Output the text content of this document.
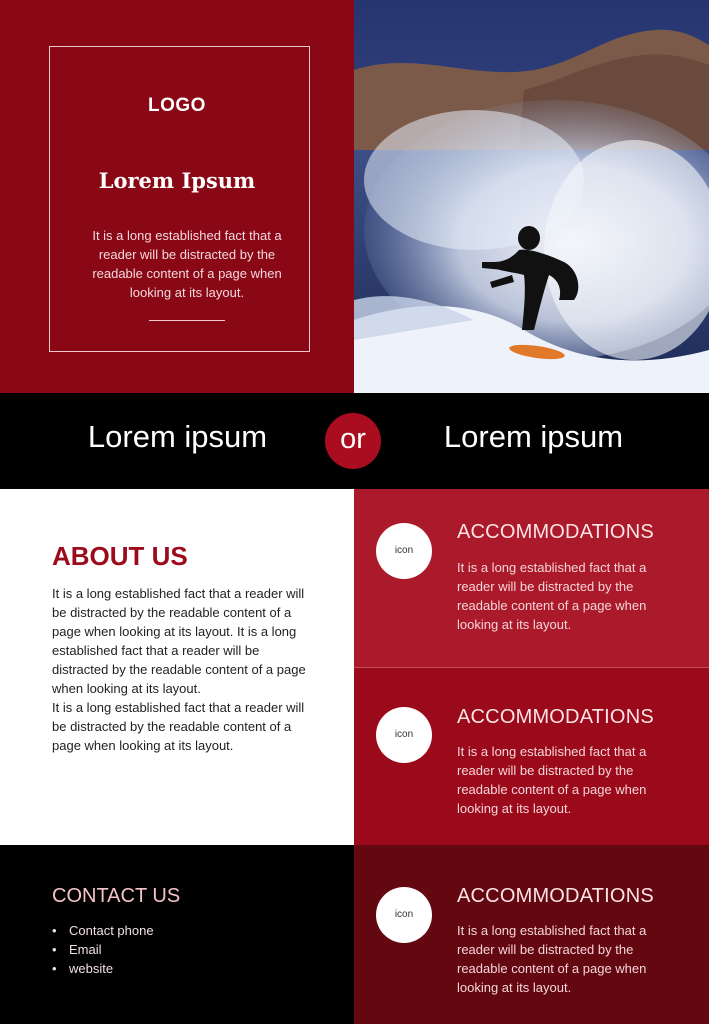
LOGO
Lorem Ipsum
It is a long established fact that a reader will be distracted by the readable content of a page when looking at its layout.
Lorem ipsum	or	Lorem ipsum
ABOUT US
It is a long established fact that a reader will be distracted by the readable content of a page when looking at its layout. It is a long established fact that a reader will be distracted by the readable content of a page when looking at its layout.
It is a long established fact that a reader will be distracted by the readable content of a page when looking at its layout.
icon
ACCOMMODATIONS
It is a long established fact that a reader will be distracted by the readable content of a page when looking at its layout.
icon
ACCOMMODATIONS
It is a long established fact that a reader will be distracted by the readable content of a page when looking at its layout.
CONTACT US
• Contact phone
• Email
• website
icon
ACCOMMODATIONS
It is a long established fact that a reader will be distracted by the readable content of a page when looking at its layout.
